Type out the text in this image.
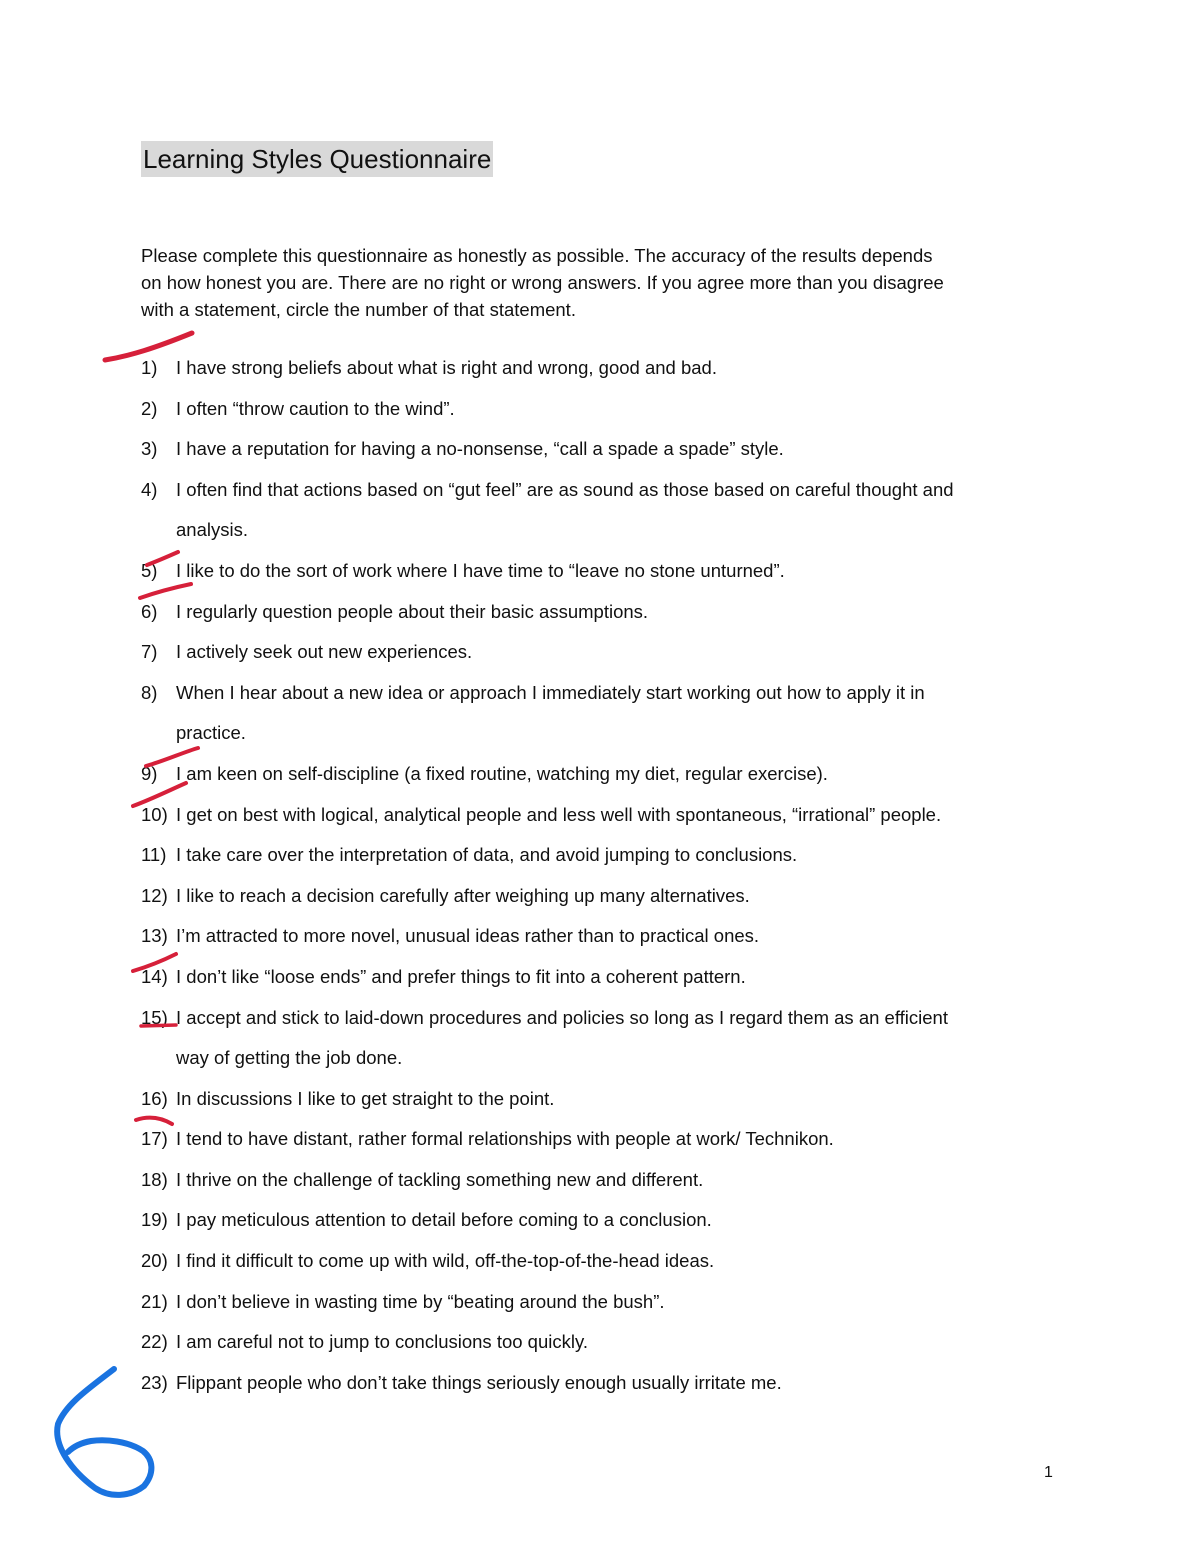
Learning Styles Questionnaire
Please complete this questionnaire as honestly as possible. The accuracy of the results depends
on how honest you are. There are no right or wrong answers. If you agree more than you disagree
with a statement, circle the number of that statement.
1) I have strong beliefs about what is right and wrong, good and bad.
2) I often “throw caution to the wind”.
3) I have a reputation for having a no-nonsense, “call a spade a spade” style.
4) I often find that actions based on “gut feel” are as sound as those based on careful thought and
analysis.
5) I like to do the sort of work where I have time to “leave no stone unturned”.
6) I regularly question people about their basic assumptions.
7) I actively seek out new experiences.
8) When I hear about a new idea or approach I immediately start working out how to apply it in
practice.
9) I am keen on self-discipline (a fixed routine, watching my diet, regular exercise).
10) I get on best with logical, analytical people and less well with spontaneous, “irrational” people.
11) I take care over the interpretation of data, and avoid jumping to conclusions.
12) I like to reach a decision carefully after weighing up many alternatives.
13) I’m attracted to more novel, unusual ideas rather than to practical ones.
14) I don’t like “loose ends” and prefer things to fit into a coherent pattern.
15) I accept and stick to laid-down procedures and policies so long as I regard them as an efficient
way of getting the job done.
16) In discussions I like to get straight to the point.
17) I tend to have distant, rather formal relationships with people at work/ Technikon.
18) I thrive on the challenge of tackling something new and different.
19) I pay meticulous attention to detail before coming to a conclusion.
20) I find it difficult to come up with wild, off-the-top-of-the-head ideas.
21) I don’t believe in wasting time by “beating around the bush”.
22) I am careful not to jump to conclusions too quickly.
23) Flippant people who don’t take things seriously enough usually irritate me.
1
